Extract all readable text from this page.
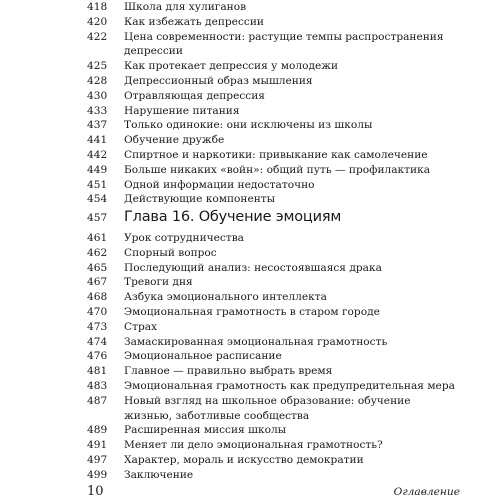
418	Школа для хулиганов
420	Как избежать депрессии
422	Цена современности: растущие темпы распространения депрессии
425	Как протекает депрессия у молодежи
428	Депрессионный образ мышления
430	Отравляющая депрессия
433	Нарушение питания
437	Только одинокие: они исключены из школы
441	Обучение дружбе
442	Спиртное и наркотики: привыкание как самолечение
449	Больше никаких «войн»: общий путь — профилактика
451	Одной информации недостаточно
454	Действующие компоненты
457	Глава 16. Обучение эмоциям
461	Урок сотрудничества
462	Спорный вопрос
465	Последующий анализ: несостоявшаяся драка
467	Тревоги дня
468	Азбука эмоционального интеллекта
470	Эмоциональная грамотность в старом городе
473	Страх
474	Замаскированная эмоциональная грамотность
476	Эмоциональное расписание
481	Главное — правильно выбрать время
483	Эмоциональная грамотность как предупредительная мера
487	Новый взгляд на школьное образование: обучение жизнью, заботливые сообщества
489	Расширенная миссия школы
491	Меняет ли дело эмоциональная грамотность?
497	Характер, мораль и искусство демократии
499	Заключение
10	Оглавление
